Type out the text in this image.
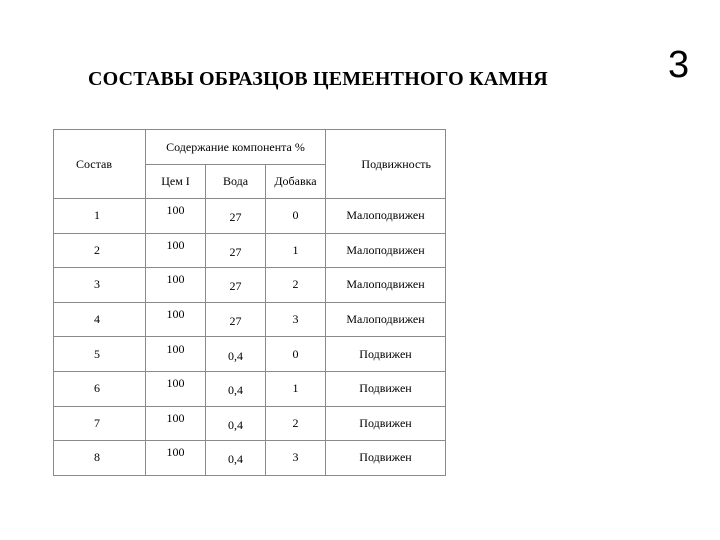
СОСТАВЫ ОБРАЗЦОВ ЦЕМЕНТНОГО КАМНЯ	3
Состав	Содержание компонента %			Подвижность
	Цем I	Вода	Добавка	
1	100	27	0	Малоподвижен
2	100	27	1	Малоподвижен
3	100	27	2	Малоподвижен
4	100	27	3	Малоподвижен
5	100	0,4	0	Подвижен
6	100	0,4	1	Подвижен
7	100	0,4	2	Подвижен
8	100	0,4	3	Подвижен
